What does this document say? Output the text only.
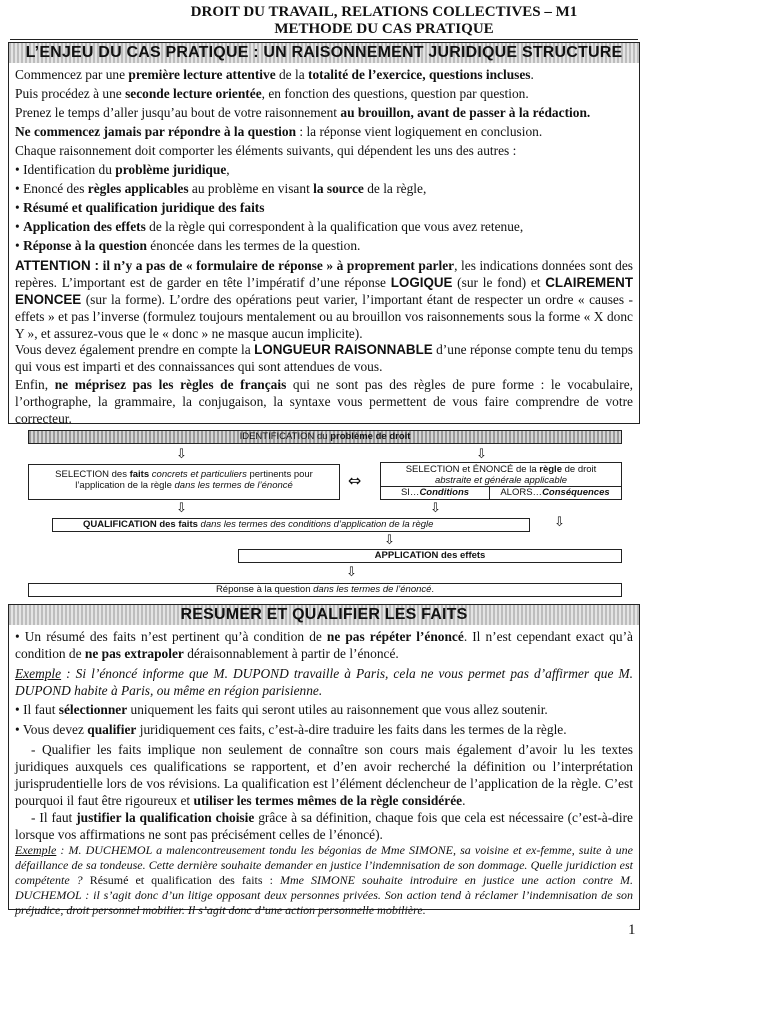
DROIT DU TRAVAIL, RELATIONS COLLECTIVES – M1
METHODE DU CAS PRATIQUE
L’ENJEU DU CAS PRATIQUE : UN RAISONNEMENT JURIDIQUE STRUCTURE
Commencez par une première lecture attentive de la totalité de l’exercice, questions incluses.
Puis procédez à une seconde lecture orientée, en fonction des questions, question par question.
Prenez le temps d’aller jusqu’au bout de votre raisonnement au brouillon, avant de passer à la rédaction.
Ne commencez jamais par répondre à la question : la réponse vient logiquement en conclusion.
Chaque raisonnement doit comporter les éléments suivants, qui dépendent les uns des autres :
• Identification du problème juridique,
• Enoncé des règles applicables au problème en visant la source de la règle,
• Résumé et qualification juridique des faits
• Application des effets de la règle qui correspondent à la qualification que vous avez retenue,
• Réponse à la question énoncée dans les termes de la question.
ATTENTION : il n’y a pas de « formulaire de réponse » à proprement parler, les indications données sont des repères. L’important est de garder en tête l’impératif d’une réponse LOGIQUE (sur le fond) et CLAIREMENT ENONCEE (sur la forme). L’ordre des opérations peut varier, l’important étant de respecter un ordre « causes - effets » et pas l’inverse (formulez toujours mentalement ou au brouillon vos raisonnements sous la forme « X donc Y », et assurez-vous que le « donc » ne masque aucun implicite).
Vous devez également prendre en compte la LONGUEUR RAISONNABLE d’une réponse compte tenu du temps qui vous est imparti et des connaissances qui sont attendues de vous.
Enfin, ne méprisez pas les règles de français qui ne sont pas des règles de pure forme : le vocabulaire, l’orthographe, la grammaire, la conjugaison, la syntaxe vous permettent de vous faire comprendre de votre correcteur.
IDENTIFICATION du problème de droit
⇩	⇩
SELECTION des faits concrets et particuliers pertinents pour l’application de la règle dans les termes de l’énoncé	⇔
SELECTION et ÉNONCÉ de la règle de droit
abstraite et générale applicable
SI…Conditions	ALORS…Conséquences
⇩	⇩
⇩
QUALIFICATION des faits dans les termes des conditions d’application de la règle
⇩
APPLICATION des effets
⇩
Réponse à la question dans les termes de l’énoncé.
RESUMER ET QUALIFIER LES FAITS
• Un résumé des faits n’est pertinent qu’à condition de ne pas répéter l’énoncé. Il n’est cependant exact qu’à condition de ne pas extrapoler déraisonnablement à partir de l’énoncé.
Exemple : Si l’énoncé informe que M. DUPOND travaille à Paris, cela ne vous permet pas d’affirmer que M. DUPOND habite à Paris, ou même en région parisienne.
• Il faut sélectionner uniquement les faits qui seront utiles au raisonnement que vous allez soutenir.
• Vous devez qualifier juridiquement ces faits, c’est-à-dire traduire les faits dans les termes de la règle.
- Qualifier les faits implique non seulement de connaître son cours mais également d’avoir lu les textes juridiques auxquels ces qualifications se rapportent, et d’en avoir recherché la définition ou l’interprétation jurisprudentielle lors de vos révisions. La qualification est l’élément déclencheur de l’application de la règle. C’est pourquoi il faut être rigoureux et utiliser les termes mêmes de la règle considérée.
- Il faut justifier la qualification choisie grâce à sa définition, chaque fois que cela est nécessaire (c’est-à-dire lorsque vos affirmations ne sont pas précisément celles de l’énoncé).
Exemple : M. DUCHEMOL a malencontreusement tondu les bégonias de Mme SIMONE, sa voisine et ex-femme, suite à une défaillance de sa tondeuse. Cette dernière souhaite demander en justice l’indemnisation de son dommage. Quelle juridiction est compétente ? Résumé et qualification des faits : Mme SIMONE souhaite introduire en justice une action contre M. DUCHEMOL : il s’agit donc d’un litige opposant deux personnes privées. Son action tend à réclamer l’indemnisation de son préjudice, droit personnel mobilier. Il s’agit donc d’une action personnelle mobilière.
1
